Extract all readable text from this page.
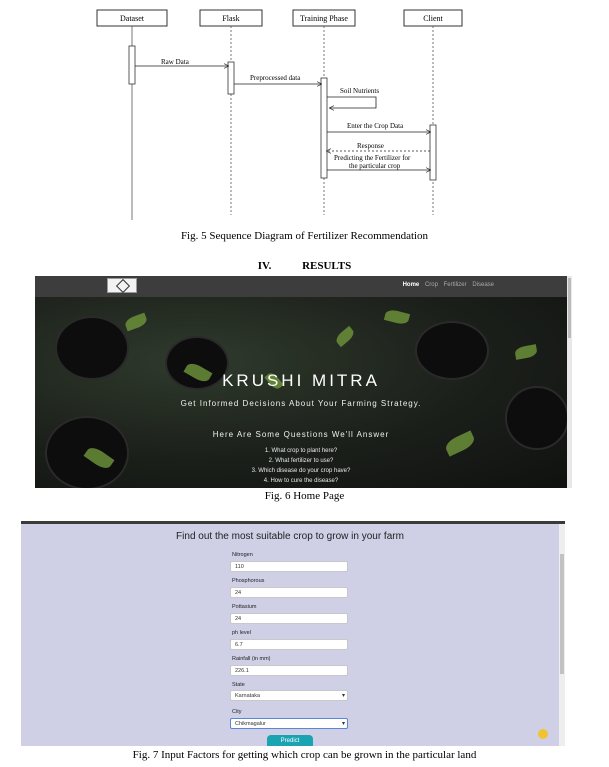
Dataset	Flask	Training Phase	Client
Raw Data
Preprocessed data
Soil Nutrients
Enter the Crop Data
Response
Predicting the Fertilizer for
the particular crop
Fig. 5 Sequence Diagram of Fertilizer Recommendation
IV.	RESULTS
Home Crop Fertilizer Disease
KRUSHI MITRA
Get Informed Decisions About Your Farming Strategy.
Here Are Some Questions We'll Answer
1. What crop to plant here?
2. What fertilizer to use?
3. Which disease do your crop have?
4. How to cure the disease?
Fig. 6 Home Page
Find out the most suitable crop to grow in your farm
Nitrogen
110
Phosphorous
24
Pottasium
24
ph level
6.7
Rainfall (in mm)
226.1
State
Karnataka ▾
City
Chikmagalur ▾
Predict
Fig. 7 Input Factors for getting which crop can be grown in the particular land
